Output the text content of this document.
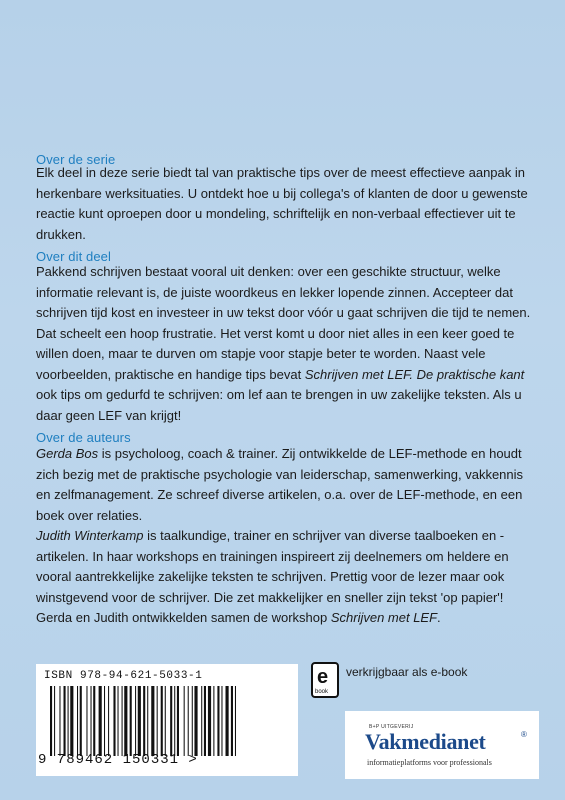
Over de serie

Elk deel in deze serie biedt tal van praktische tips over de meest effectieve aanpak in herkenbare werksituaties. U ontdekt hoe u bij collega's of klanten de door u gewenste reactie kunt oproepen door u mondeling, schriftelijk en non-verbaal effectiever uit te drukken.

Over dit deel

Pakkend schrijven bestaat vooral uit denken: over een geschikte structuur, welke informatie relevant is, de juiste woordkeus en lekker lopende zinnen. Accepteer dat schrijven tijd kost en investeer in uw tekst door vóór u gaat schrijven die tijd te nemen. Dat scheelt een hoop frustratie. Het verst komt u door niet alles in een keer goed te willen doen, maar te durven om stapje voor stapje beter te worden. Naast vele voorbeelden, praktische en handige tips bevat Schrijven met LEF. De praktische kant ook tips om gedurfd te schrijven: om lef aan te brengen in uw zakelijke teksten. Als u daar geen LEF van krijgt!

Over de auteurs

Gerda Bos is psycholoog, coach & trainer. Zij ontwikkelde de LEF-methode en houdt zich bezig met de praktische psychologie van leiderschap, samenwerking, vakkennis en zelfmanagement. Ze schreef diverse artikelen, o.a. over de LEF-methode, en een boek over relaties.

Judith Winterkamp is taalkundige, trainer en schrijver van diverse taalboeken en -artikelen. In haar workshops en trainingen inspireert zij deelnemers om heldere en vooral aantrekkelijke zakelijke teksten te schrijven. Prettig voor de lezer maar ook winstgevend voor de schrijver. Die zet makkelijker en sneller zijn tekst 'op papier'!

Gerda en Judith ontwikkelden samen de workshop Schrijven met LEF.

ISBN 978-94-621-5033-1
9 789462 150331 >
e
book
verkrijgbaar als e-book
B+P UITGEVERIJ
Vakmedianet	®
informatieplatforms voor professionals
